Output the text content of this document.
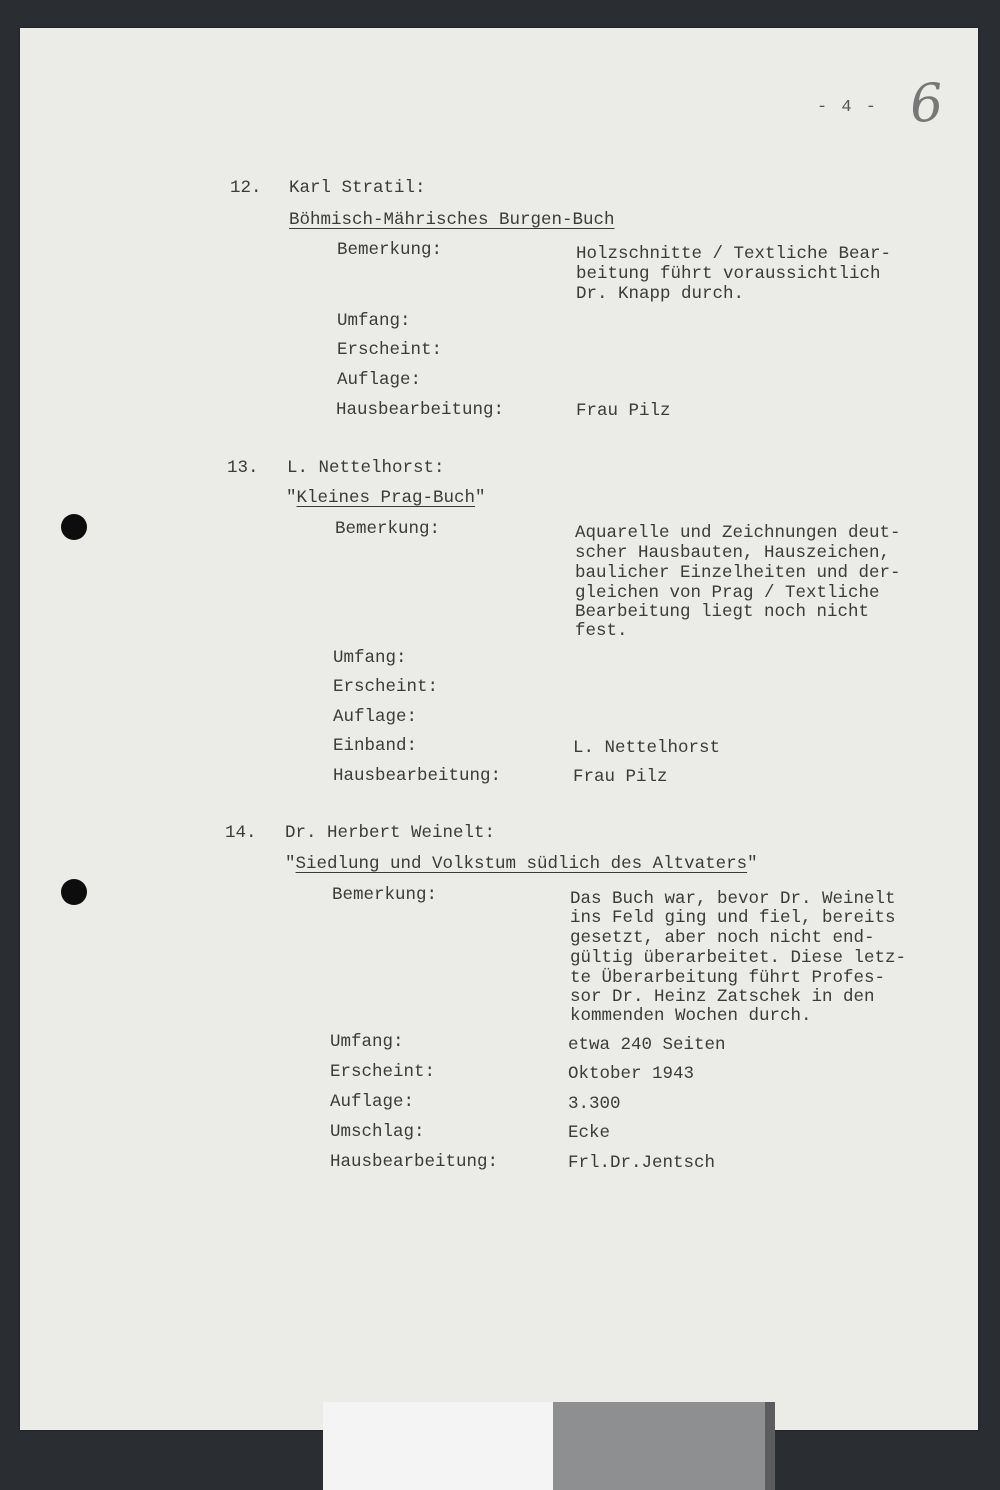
- 4 - 6
12. Karl Stratil:
Böhmisch-Mährisches Burgen-Buch
Bemerkung:	Holzschnitte / Textliche Bear-
beitung führt voraussichtlich
Dr. Knapp durch.
Umfang:
Erscheint:
Auflage:
Hausbearbeitung:	Frau Pilz
13. L. Nettelhorst:
"Kleines Prag-Buch"
Bemerkung:	Aquarelle und Zeichnungen deut-
scher Hausbauten, Hauszeichen,
baulicher Einzelheiten und der-
gleichen von Prag / Textliche
Bearbeitung liegt noch nicht
fest.
Umfang:
Erscheint:
Auflage:
Einband:	L. Nettelhorst
Hausbearbeitung:	Frau Pilz
14. Dr. Herbert Weinelt:
"Siedlung und Volkstum südlich des Altvaters"
Bemerkung:	Das Buch war, bevor Dr. Weinelt
ins Feld ging und fiel, bereits
gesetzt, aber noch nicht end-
gültig überarbeitet. Diese letz-
te Überarbeitung führt Profes-
sor Dr. Heinz Zatschek in den
kommenden Wochen durch.
Umfang:	etwa 240 Seiten
Erscheint:	Oktober 1943
Auflage:	3.300
Umschlag:	Ecke
Hausbearbeitung:	Frl.Dr.Jentsch
